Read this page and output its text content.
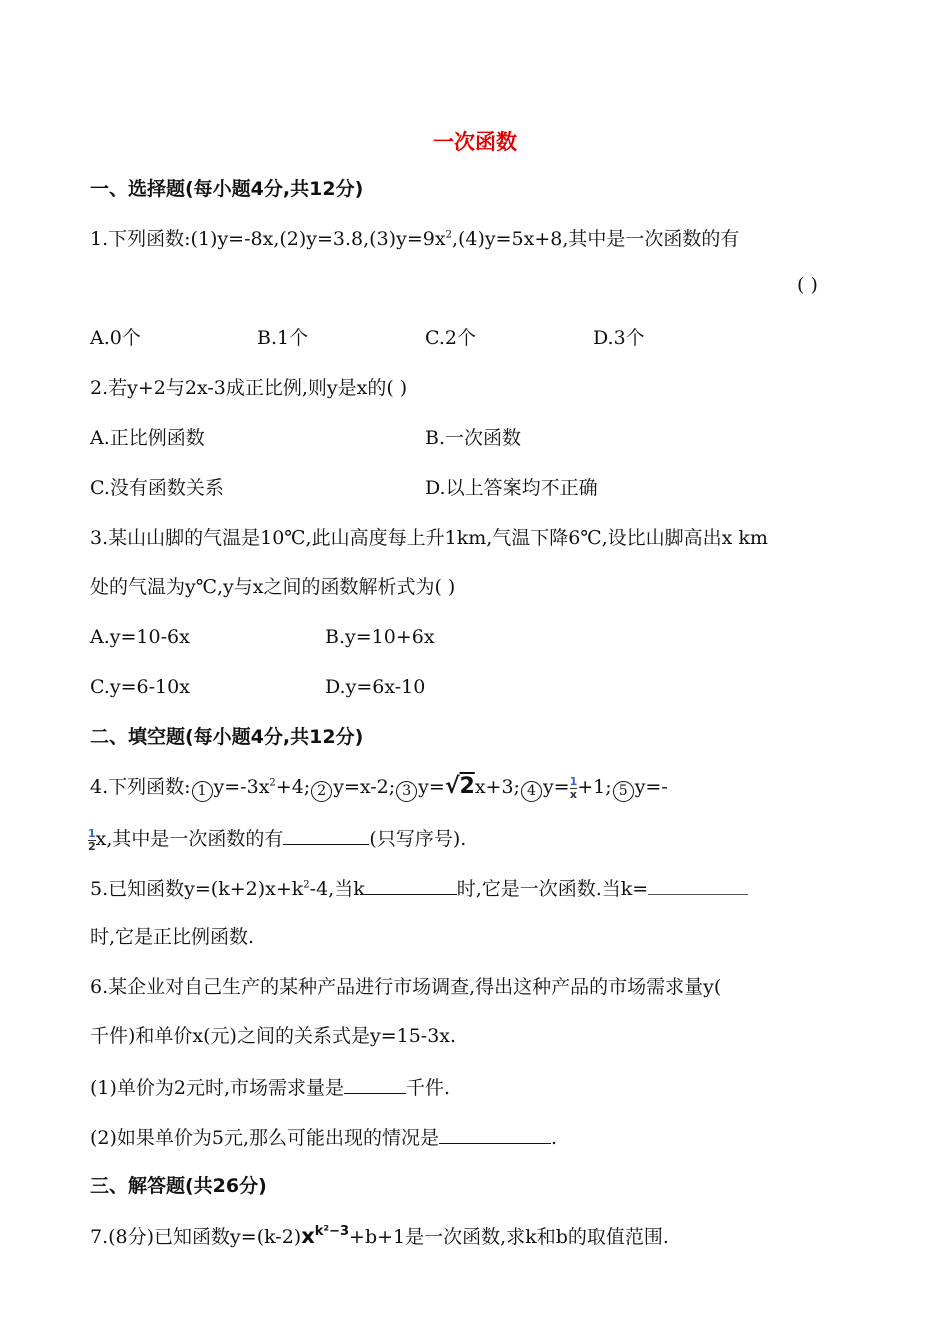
一次函数
一、选择题(每小题4分,共12分)
1.下列函数$:(1)y=-8x,(2)y=3.8,(3)y=9x^2,(4)y=5x+8$,其中是一次函数的有
( )
A.0个	B.1个	C.2个	D.3个
2.若y+2与2x-3成正比例,则y是x的( )
A.正比例函数	B.一次函数
C.没有函数关系	D.以上答案均不正确
3.某山山脚的气温是10℃,此山高度每上升1km,气温下降6℃,设比山脚高出x km
处的气温为y℃,y与x之间的函数解析式为( )
A.y=10-6x	B.y=10+6x
C.y=6-10x	D.y=6x-10
二、填空题(每小题4分,共12分)
4.下列函数: 1 $y=-3x^2+4$; 2 y=x-2; 3 y=√2x+3; 4 $y= \frac{1}{x} +1$; 5 y=-
$\frac{1}{2} x$,其中是一次函数的有	(只写序号).
5.已知函数$y=(k+2)x+k^2-4$,当k	时,它是一次函数.当k=
时,它是正比例函数.
6.某企业对自己生产的某种产品进行市场调查,得出这种产品的市场需求量y(
千件)和单价x(元)之间的关系式是y=15-3x.
(1)单价为2元时,市场需求量是	千件.
(2)如果单价为5元,那么可能出现的情况是	.
三、解答题(共26分)
7.(8分)已知函数$y=(k-2)x^{k^2-3}+b+1$是一次函数,求k和b的取值范围.
